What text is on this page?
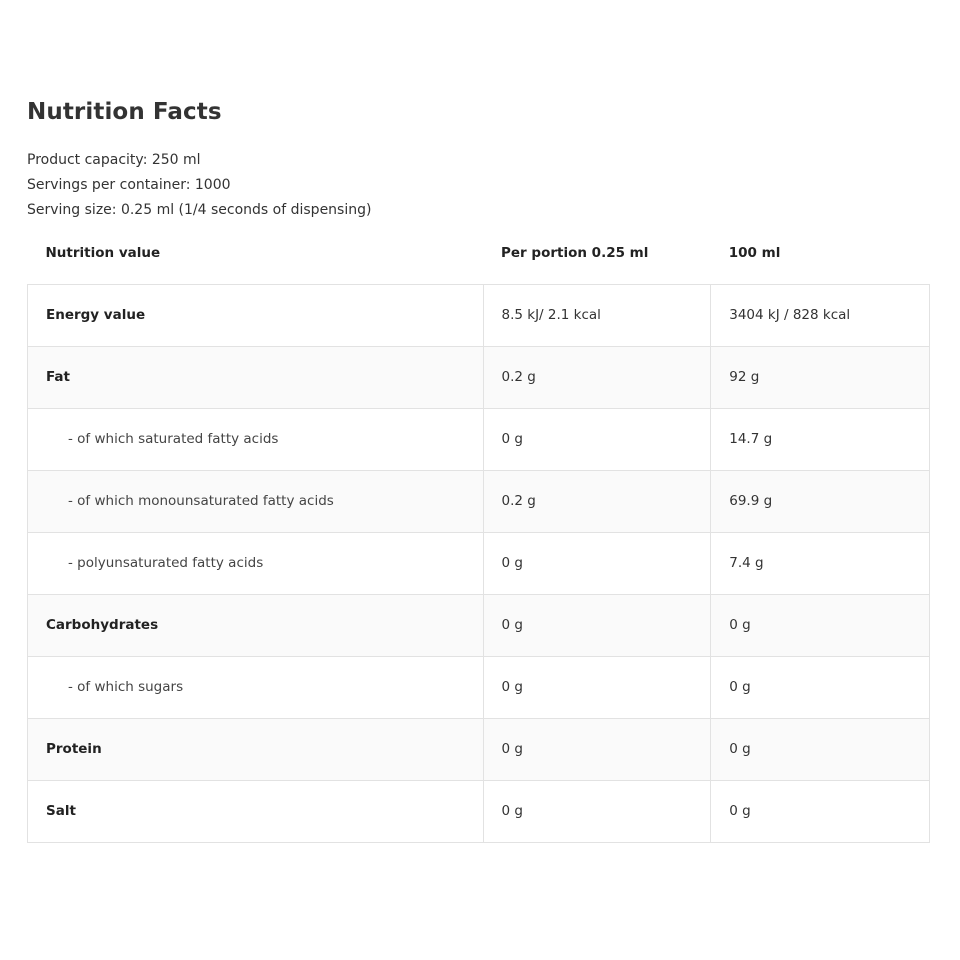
Nutrition Facts
Product capacity: 250 ml
Servings per container: 1000
Serving size: 0.25 ml (1/4 seconds of dispensing)
Nutrition value	Per portion 0.25 ml	100 ml
Energy value	8.5 kJ/ 2.1 kcal	3404 kJ / 828 kcal
Fat	0.2 g	92 g
- of which saturated fatty acids	0 g	14.7 g
- of which monounsaturated fatty acids	0.2 g	69.9 g
- polyunsaturated fatty acids	0 g	7.4 g
Carbohydrates	0 g	0 g
- of which sugars	0 g	0 g
Protein	0 g	0 g
Salt	0 g	0 g
